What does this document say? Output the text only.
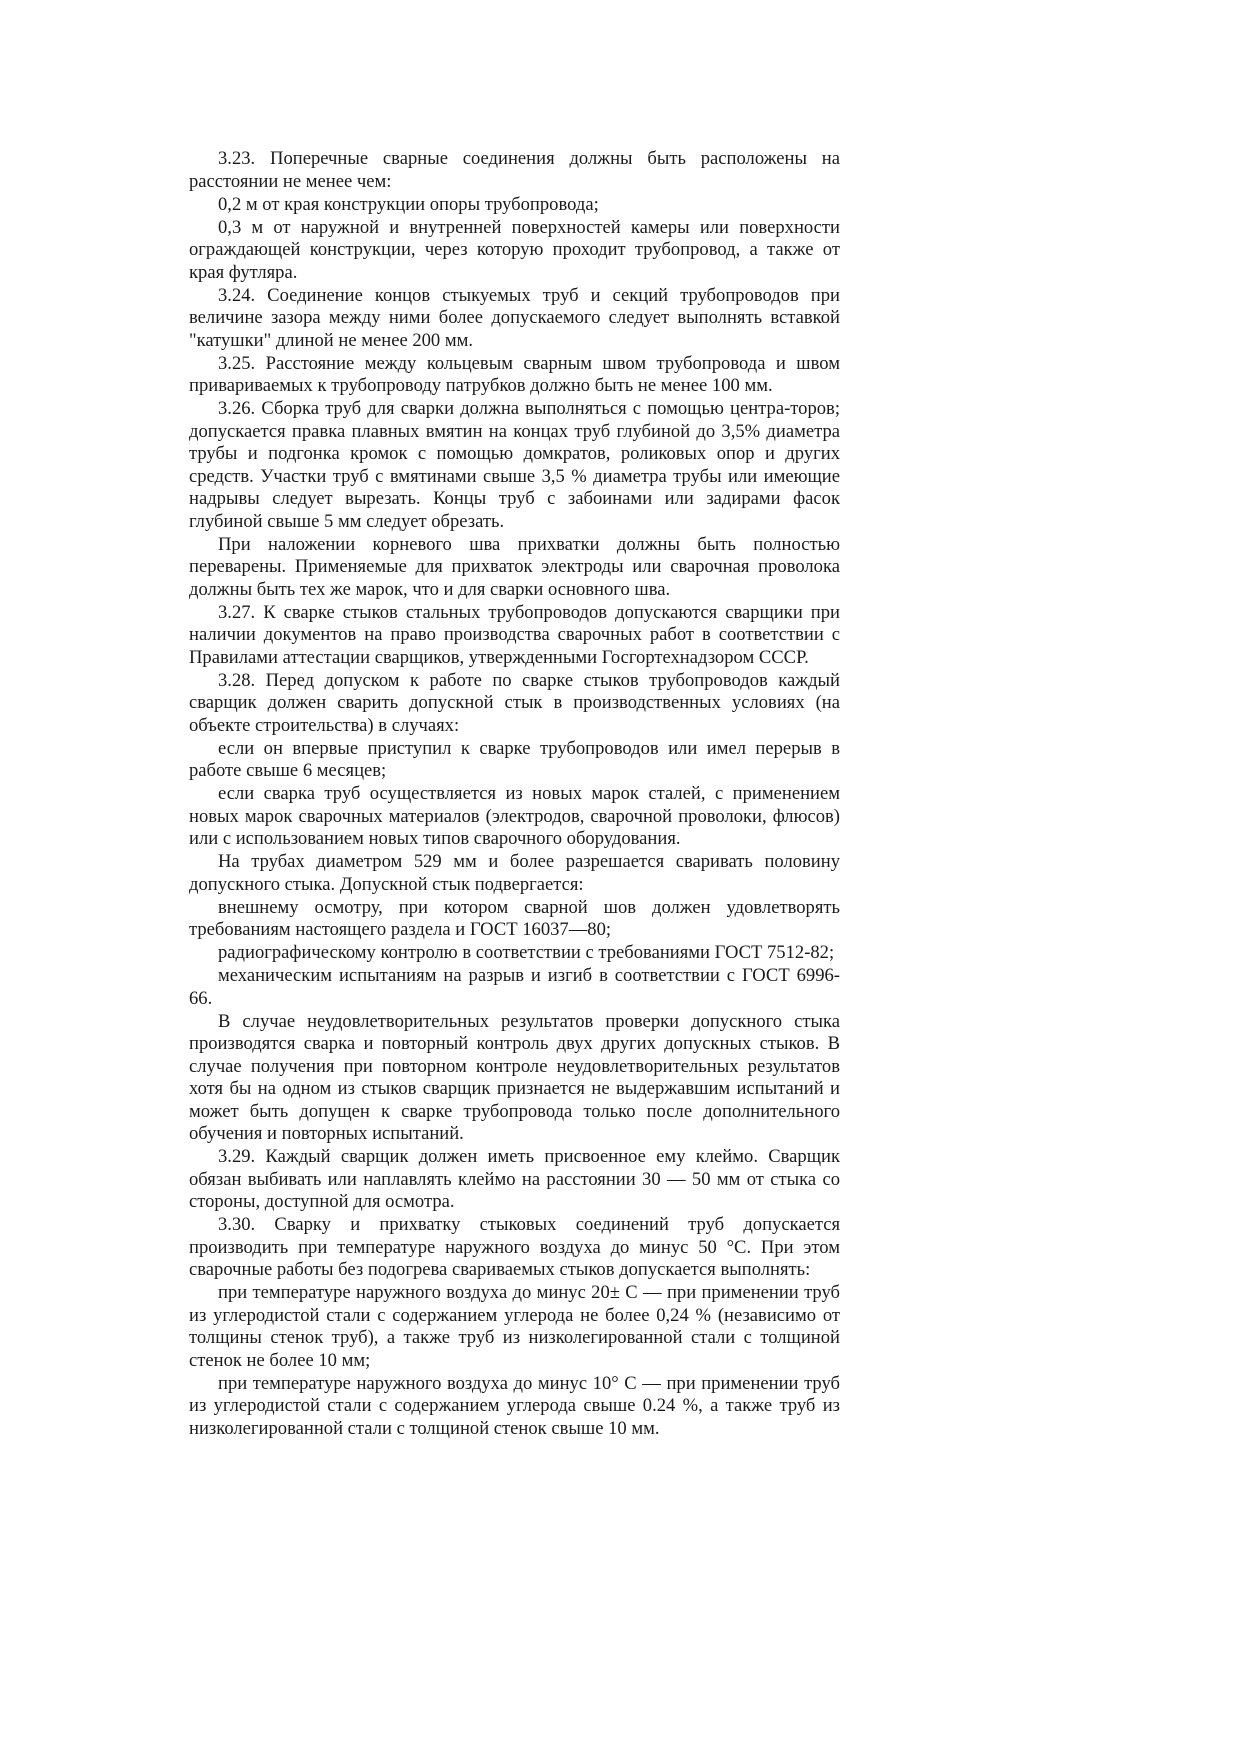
3.23. Поперечные сварные соединения должны быть расположены на расстоянии не менее чем:

0,2 м от края конструкции опоры трубопровода;

0,3 м от наружной и внутренней поверхностей камеры или поверхности ограждающей конструкции, через которую проходит трубопровод, а также от края футляра.

3.24. Соединение концов стыкуемых труб и секций трубопроводов при величине зазора между ними более допускаемого следует выполнять вставкой "катушки" длиной не менее 200 мм.

3.25. Расстояние между кольцевым сварным швом трубопровода и швом привариваемых к трубопроводу патрубков должно быть не менее 100 мм.

3.26. Сборка труб для сварки должна выполняться с помощью центра-торов; допускается правка плавных вмятин на концах труб глубиной до 3,5% диаметра трубы и подгонка кромок с помощью домкратов, роликовых опор и других средств. Участки труб с вмятинами свыше 3,5 % диаметра трубы или имеющие надрывы следует вырезать. Концы труб с забоинами или задирами фасок глубиной свыше 5 мм следует обрезать.

При наложении корневого шва прихватки должны быть полностью переварены. Применяемые для прихваток электроды или сварочная проволока должны быть тех же марок, что и для сварки основного шва.

3.27. К сварке стыков стальных трубопроводов допускаются сварщики при наличии документов на право производства сварочных работ в соответствии с Правилами аттестации сварщиков, утвержденными Госгортехнадзором СССР.

3.28. Перед допуском к работе по сварке стыков трубопроводов каждый сварщик должен сварить допускной стык в производственных условиях (на объекте строительства) в случаях:

если он впервые приступил к сварке трубопроводов или имел перерыв в работе свыше 6 месяцев;

если сварка труб осуществляется из новых марок сталей, с применением новых марок сварочных материалов (электродов, сварочной проволоки, флюсов) или с использованием новых типов сварочного оборудования.

На трубах диаметром 529 мм и более разрешается сваривать половину допускного стыка. Допускной стык подвергается:

внешнему осмотру, при котором сварной шов должен удовлетворять требованиям настоящего раздела и ГОСТ 16037—80;

радиографическому контролю в соответствии с требованиями ГОСТ 7512-82;

механическим испытаниям на разрыв и изгиб в соответствии с ГОСТ 6996-66.

В случае неудовлетворительных результатов проверки допускного стыка производятся сварка и повторный контроль двух других допускных стыков. В случае получения при повторном контроле неудовлетворительных результатов хотя бы на одном из стыков сварщик признается не выдержавшим испытаний и может быть допущен к сварке трубопровода только после дополнительного обучения и повторных испытаний.

3.29. Каждый сварщик должен иметь присвоенное ему клеймо. Сварщик обязан выбивать или наплавлять клеймо на расстоянии 30 — 50 мм от стыка со стороны, доступной для осмотра.

3.30. Сварку и прихватку стыковых соединений труб допускается производить при температуре наружного воздуха до минус 50 °С. При этом сварочные работы без подогрева свариваемых стыков допускается выполнять:

при температуре наружного воздуха до минус 20± С — при применении труб из углеродистой стали с содержанием углерода не более 0,24 % (независимо от толщины стенок труб), а также труб из низколегированной стали с толщиной стенок не более 10 мм;

при температуре наружного воздуха до минус 10° С — при применении труб из углеродистой стали с содержанием углерода свыше 0.24 %, а также труб из низколегированной стали с толщиной стенок свыше 10 мм.
